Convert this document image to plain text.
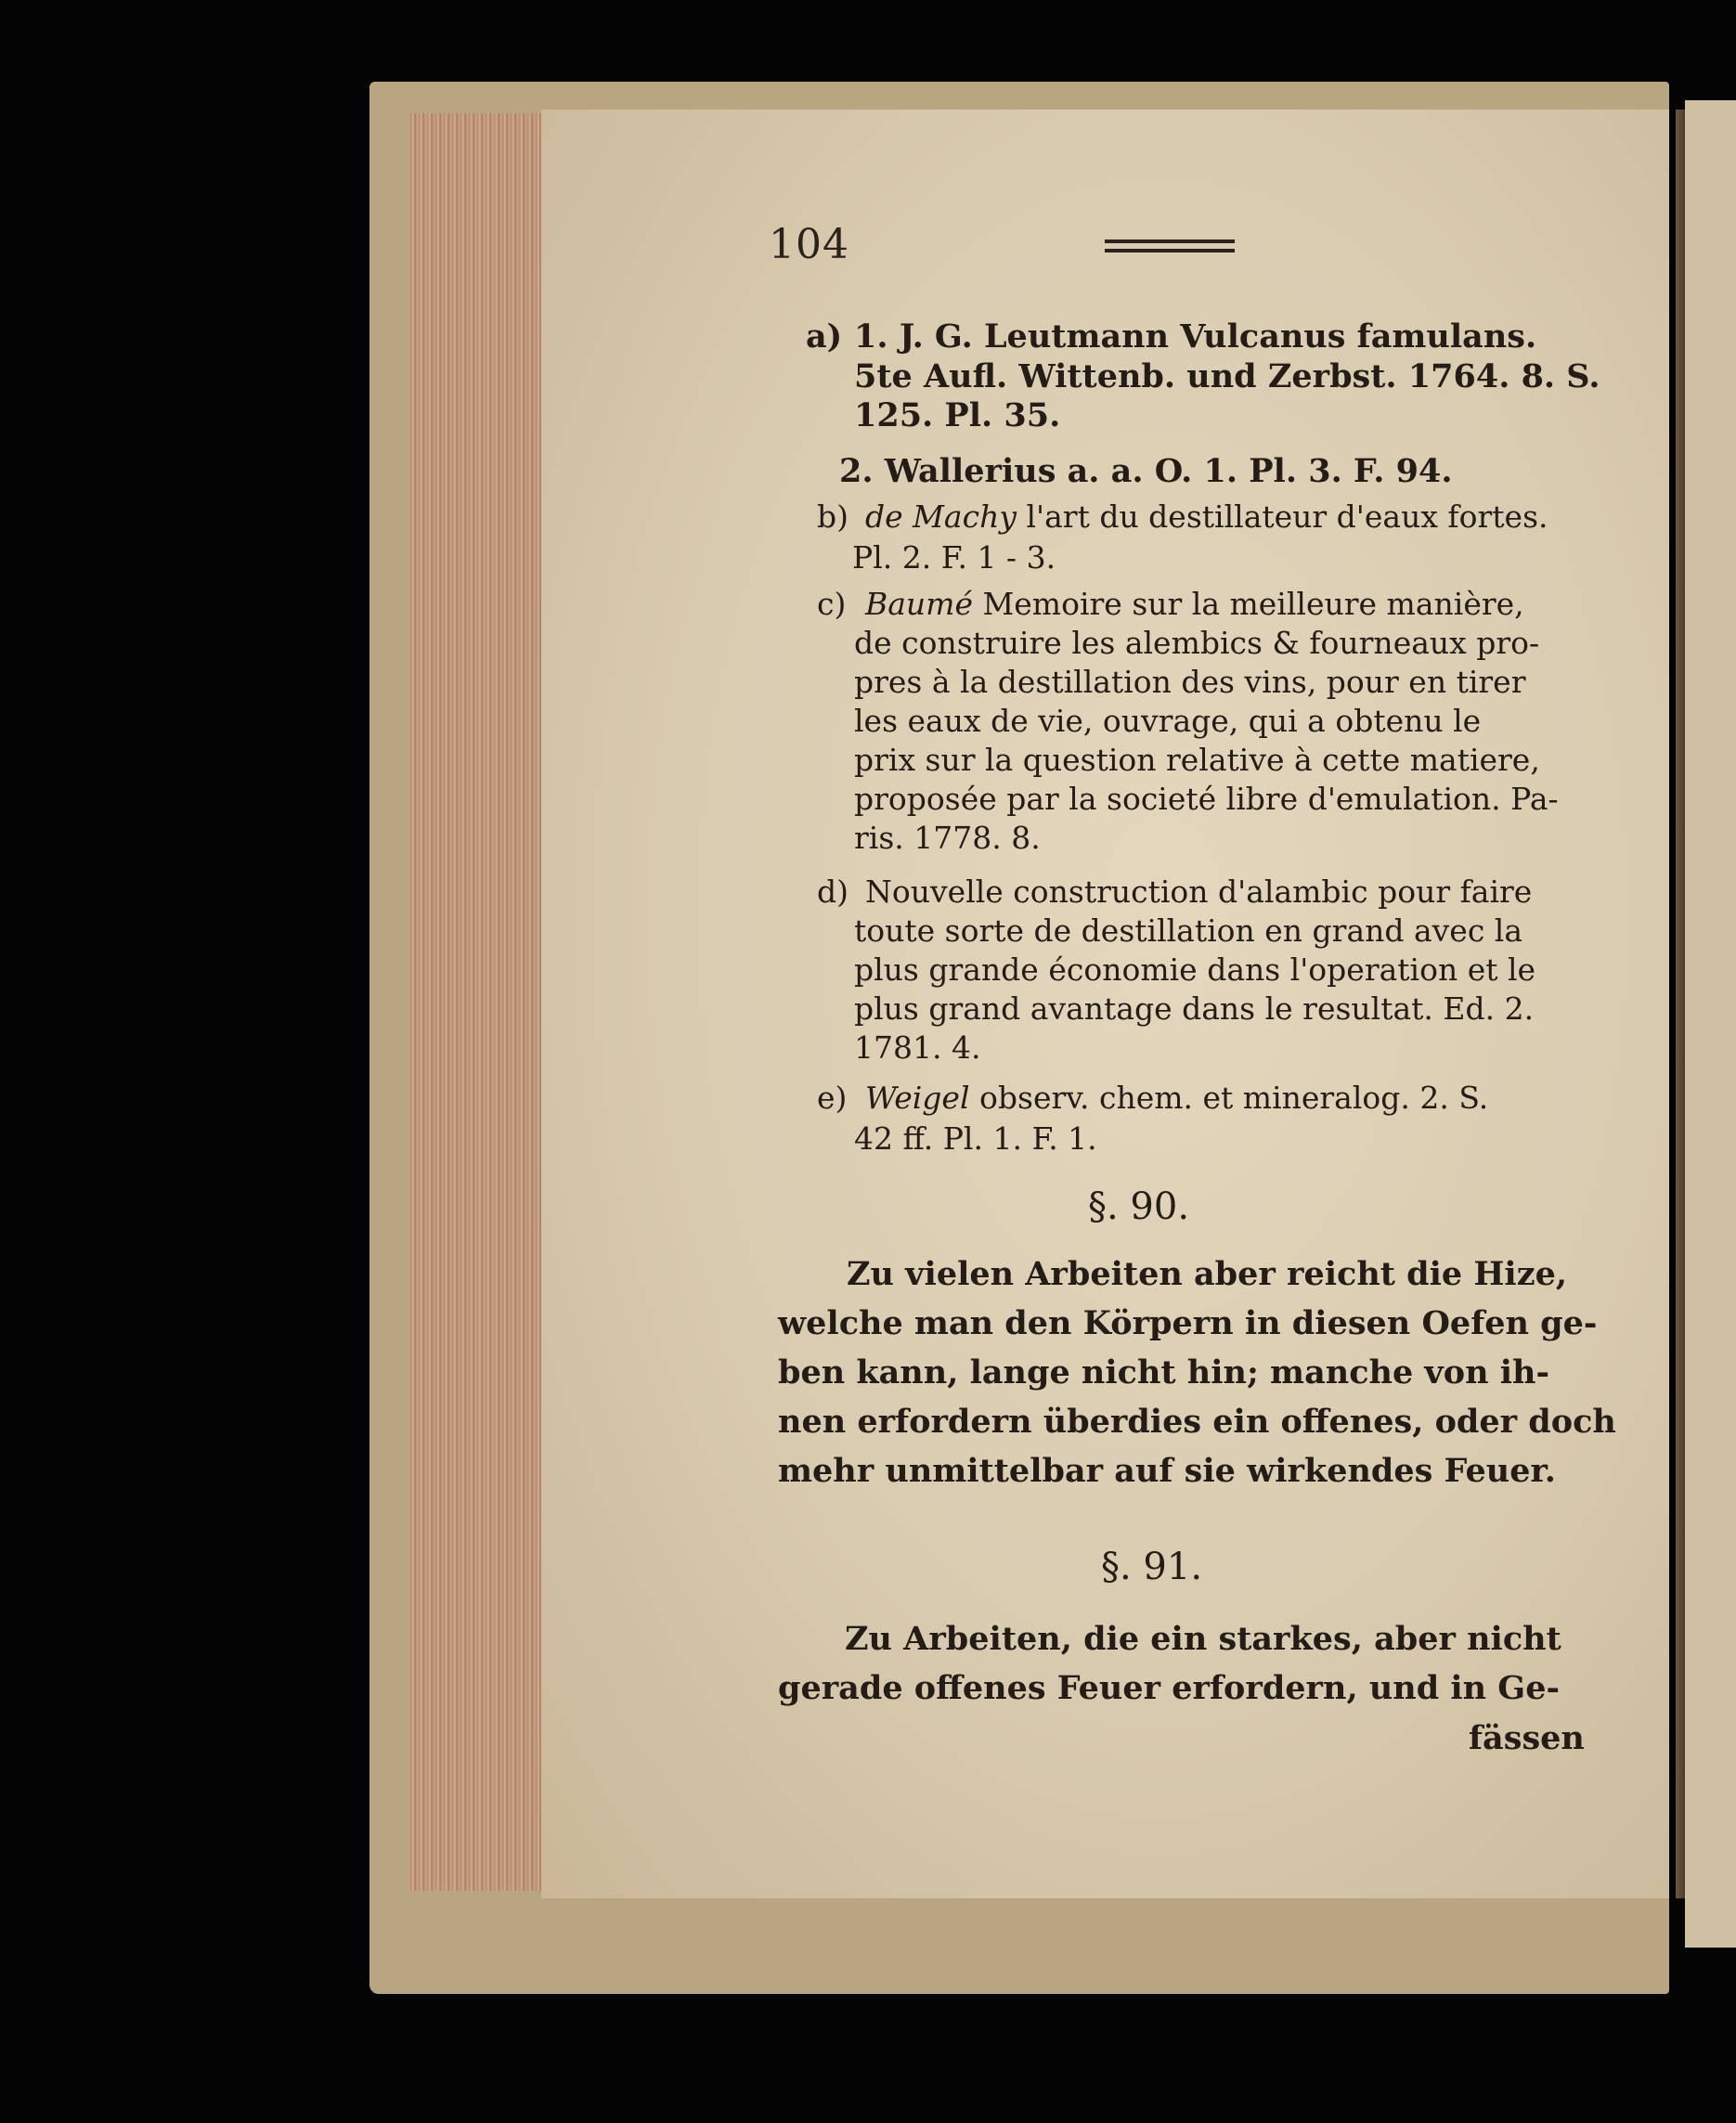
104
a) 1. J. G. Leutmann Vulcanus famulans.
5te Aufl. Wittenb. und Zerbst. 1764. 8. S.
125. Pl. 35.
2. Wallerius a. a. O. 1. Pl. 3. F. 94.
b) de Machy l'art du destillateur d'eaux fortes.
Pl. 2. F. 1 - 3.
c) Baumé Memoire sur la meilleure manière,
de construire les alembics & fourneaux pro-
pres à la destillation des vins, pour en tirer
les eaux de vie, ouvrage, qui a obtenu le
prix sur la question relative à cette matiere,
proposée par la societé libre d'emulation. Pa-
ris. 1778. 8.
d) Nouvelle construction d'alambic pour faire
toute sorte de destillation en grand avec la
plus grande économie dans l'operation et le
plus grand avantage dans le resultat. Ed. 2.
1781. 4.
e) Weigel observ. chem. et mineralog. 2. S.
42 ff. Pl. 1. F. 1.
§. 90.
Zu vielen Arbeiten aber reicht die Hize,
welche man den Körpern in diesen Oefen ge-
ben kann, lange nicht hin; manche von ih-
nen erfordern überdies ein offenes, oder doch
mehr unmittelbar auf sie wirkendes Feuer.
§. 91.
Zu Arbeiten, die ein starkes, aber nicht
gerade offenes Feuer erfordern, und in Ge-
fässen
